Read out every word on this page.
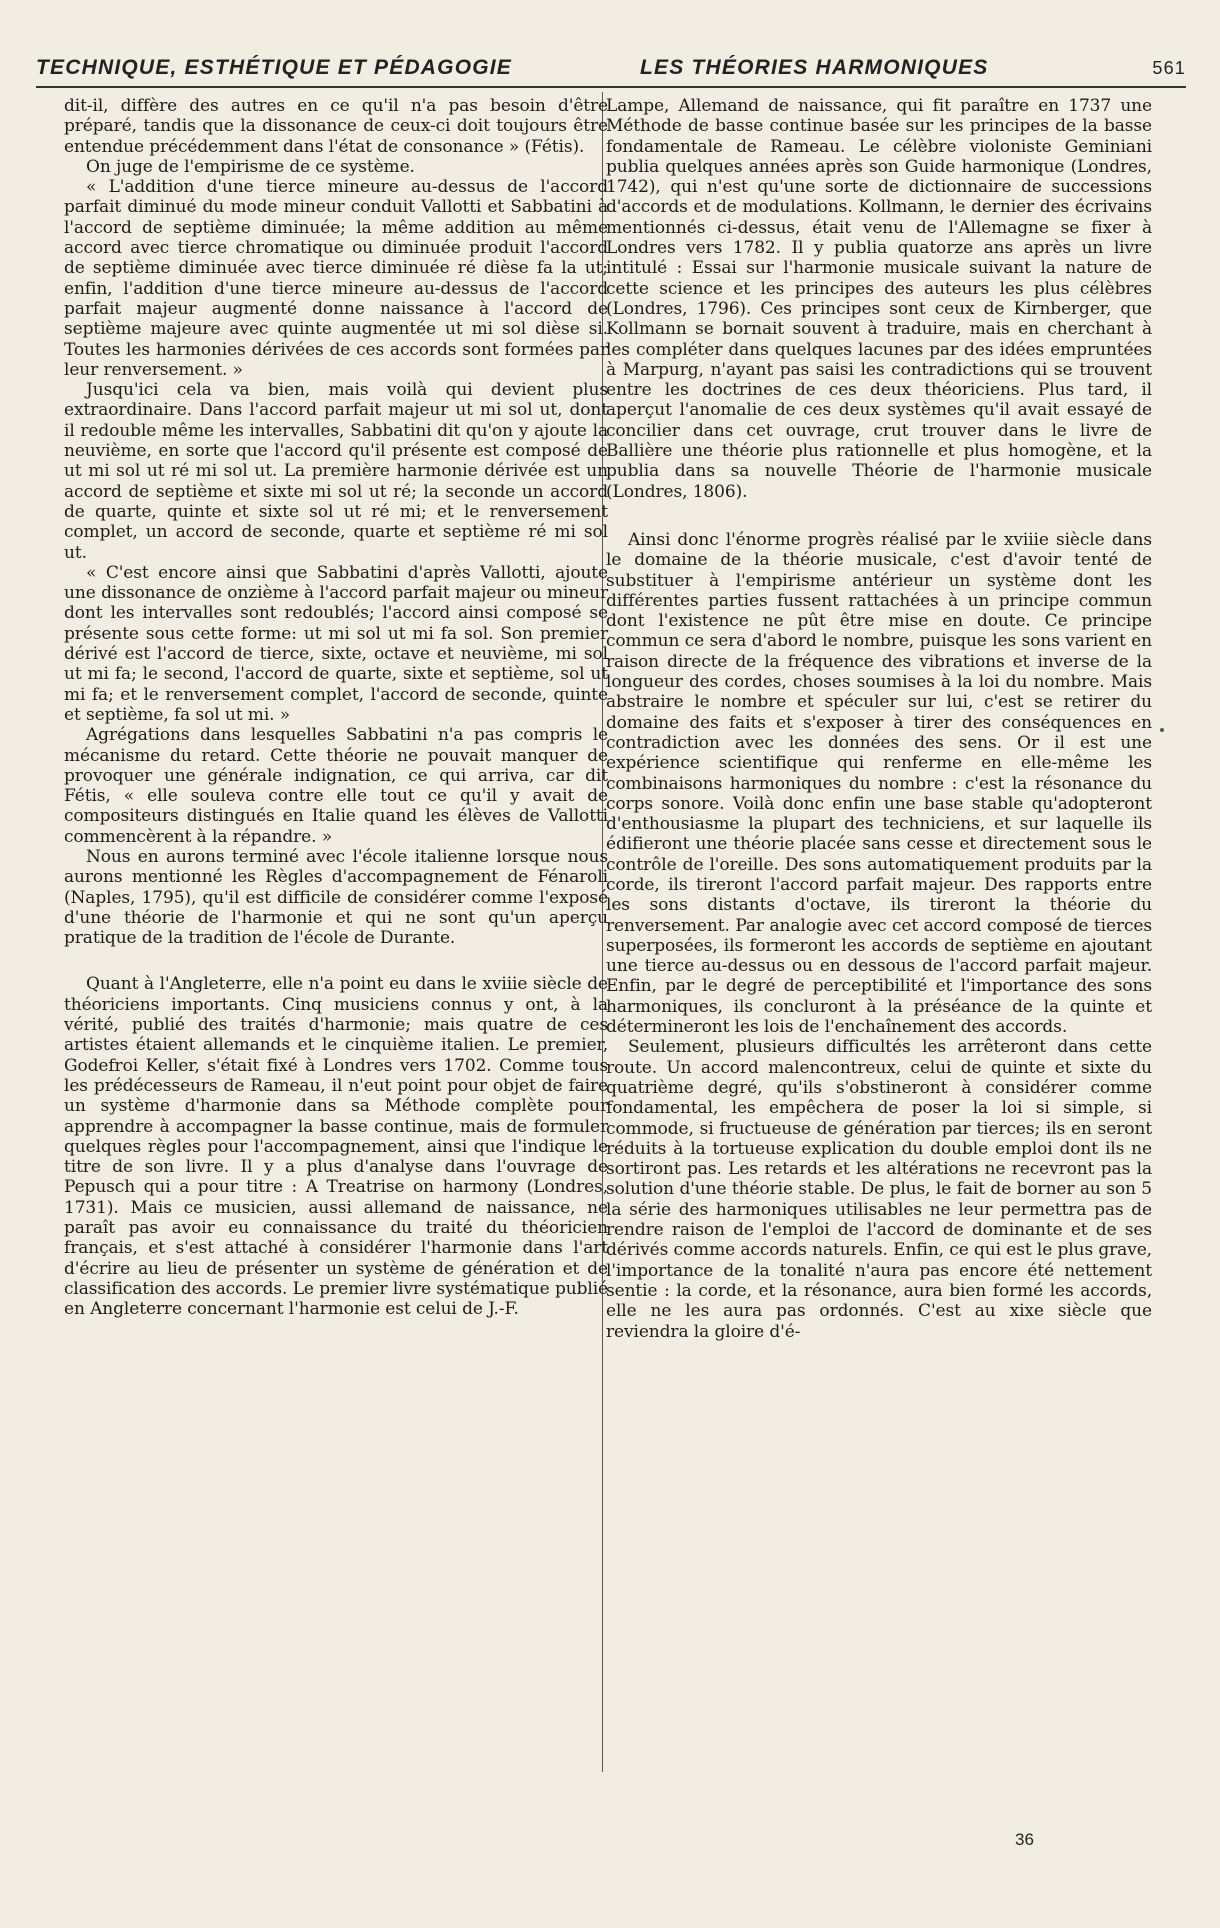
TECHNIQUE, ESTHÉTIQUE ET PÉDAGOGIE	LES THÉORIES HARMONIQUES	561

dit-il, diffère des autres en ce qu'il n'a pas besoin d'être préparé, tandis que la dissonance de ceux-ci doit toujours être entendue précédemment dans l'état de consonance » (Fétis).

On juge de l'empirisme de ce système.

« L'addition d'une tierce mineure au-dessus de l'accord parfait diminué du mode mineur conduit Vallotti et Sabbatini à l'accord de septième diminuée; la même addition au même accord avec tierce chromatique ou diminuée produit l'accord de septième diminuée avec tierce diminuée ré dièse fa la ut; enfin, l'addition d'une tierce mineure au-dessus de l'accord parfait majeur augmenté donne naissance à l'accord de septième majeure avec quinte augmentée ut mi sol dièse si. Toutes les harmonies dérivées de ces accords sont formées par leur renversement. »

Jusqu'ici cela va bien, mais voilà qui devient plus extraordinaire. Dans l'accord parfait majeur ut mi sol ut, dont il redouble même les intervalles, Sabbatini dit qu'on y ajoute la neuvième, en sorte que l'accord qu'il présente est composé de ut mi sol ut ré mi sol ut. La première harmonie dérivée est un accord de septième et sixte mi sol ut ré; la seconde un accord de quarte, quinte et sixte sol ut ré mi; et le renversement complet, un accord de seconde, quarte et septième ré mi sol ut.

« C'est encore ainsi que Sabbatini d'après Vallotti, ajoute une dissonance de onzième à l'accord parfait majeur ou mineur dont les intervalles sont redoublés; l'accord ainsi composé se présente sous cette forme: ut mi sol ut mi fa sol. Son premier dérivé est l'accord de tierce, sixte, octave et neuvième, mi sol ut mi fa; le second, l'accord de quarte, sixte et septième, sol ut mi fa; et le renversement complet, l'accord de seconde, quinte et septième, fa sol ut mi. »

Agrégations dans lesquelles Sabbatini n'a pas compris le mécanisme du retard. Cette théorie ne pouvait manquer de provoquer une générale indignation, ce qui arriva, car dit Fétis, « elle souleva contre elle tout ce qu'il y avait de compositeurs distingués en Italie quand les élèves de Vallotti commencèrent à la répandre. »

Nous en aurons terminé avec l'école italienne lorsque nous aurons mentionné les Règles d'accompagnement de Fénaroli (Naples, 1795), qu'il est difficile de considérer comme l'exposé d'une théorie de l'harmonie et qui ne sont qu'un aperçu pratique de la tradition de l'école de Durante.

Quant à l'Angleterre, elle n'a point eu dans le xviiie siècle de théoriciens importants. Cinq musiciens connus y ont, à la vérité, publié des traités d'harmonie; mais quatre de ces artistes étaient allemands et le cinquième italien. Le premier, Godefroi Keller, s'était fixé à Londres vers 1702. Comme tous les prédécesseurs de Rameau, il n'eut point pour objet de faire un système d'harmonie dans sa Méthode complète pour apprendre à accompagner la basse continue, mais de formuler quelques règles pour l'accompagnement, ainsi que l'indique le titre de son livre. Il y a plus d'analyse dans l'ouvrage de Pepusch qui a pour titre : A Treatrise on harmony (Londres, 1731). Mais ce musicien, aussi allemand de naissance, ne paraît pas avoir eu connaissance du traité du théoricien français, et s'est attaché à considérer l'harmonie dans l'art d'écrire au lieu de présenter un système de génération et de classification des accords. Le premier livre systématique publié en Angleterre concernant l'harmonie est celui de J.-F.

Lampe, Allemand de naissance, qui fit paraître en 1737 une Méthode de basse continue basée sur les principes de la basse fondamentale de Rameau. Le célèbre violoniste Geminiani publia quelques années après son Guide harmonique (Londres, 1742), qui n'est qu'une sorte de dictionnaire de successions d'accords et de modulations. Kollmann, le dernier des écrivains mentionnés ci-dessus, était venu de l'Allemagne se fixer à Londres vers 1782. Il y publia quatorze ans après un livre intitulé : Essai sur l'harmonie musicale suivant la nature de cette science et les principes des auteurs les plus célèbres (Londres, 1796). Ces principes sont ceux de Kirnberger, que Kollmann se bornait souvent à traduire, mais en cherchant à les compléter dans quelques lacunes par des idées empruntées à Marpurg, n'ayant pas saisi les contradictions qui se trouvent entre les doctrines de ces deux théoriciens. Plus tard, il aperçut l'anomalie de ces deux systèmes qu'il avait essayé de concilier dans cet ouvrage, crut trouver dans le livre de Ballière une théorie plus rationnelle et plus homogène, et la publia dans sa nouvelle Théorie de l'harmonie musicale (Londres, 1806).

Ainsi donc l'énorme progrès réalisé par le xviiie siècle dans le domaine de la théorie musicale, c'est d'avoir tenté de substituer à l'empirisme antérieur un système dont les différentes parties fussent rattachées à un principe commun dont l'existence ne pût être mise en doute. Ce principe commun ce sera d'abord le nombre, puisque les sons varient en raison directe de la fréquence des vibrations et inverse de la longueur des cordes, choses soumises à la loi du nombre. Mais abstraire le nombre et spéculer sur lui, c'est se retirer du domaine des faits et s'exposer à tirer des conséquences en contradiction avec les données des sens. Or il est une expérience scientifique qui renferme en elle-même les combinaisons harmoniques du nombre : c'est la résonance du corps sonore. Voilà donc enfin une base stable qu'adopteront d'enthousiasme la plupart des techniciens, et sur laquelle ils édifieront une théorie placée sans cesse et directement sous le contrôle de l'oreille. Des sons automatiquement produits par la corde, ils tireront l'accord parfait majeur. Des rapports entre les sons distants d'octave, ils tireront la théorie du renversement. Par analogie avec cet accord composé de tierces superposées, ils formeront les accords de septième en ajoutant une tierce au-dessus ou en dessous de l'accord parfait majeur. Enfin, par le degré de perceptibilité et l'importance des sons harmoniques, ils concluront à la préséance de la quinte et détermineront les lois de l'enchaînement des accords.

Seulement, plusieurs difficultés les arrêteront dans cette route. Un accord malencontreux, celui de quinte et sixte du quatrième degré, qu'ils s'obstineront à considérer comme fondamental, les empêchera de poser la loi si simple, si commode, si fructueuse de génération par tierces; ils en seront réduits à la tortueuse explication du double emploi dont ils ne sortiront pas. Les retards et les altérations ne recevront pas la solution d'une théorie stable. De plus, le fait de borner au son 5 la série des harmoniques utilisables ne leur permettra pas de rendre raison de l'emploi de l'accord de dominante et de ses dérivés comme accords naturels. Enfin, ce qui est le plus grave, l'importance de la tonalité n'aura pas encore été nettement sentie : la corde, et la résonance, aura bien formé les accords, elle ne les aura pas ordonnés. C'est au xixe siècle que reviendra la gloire d'é-

36
